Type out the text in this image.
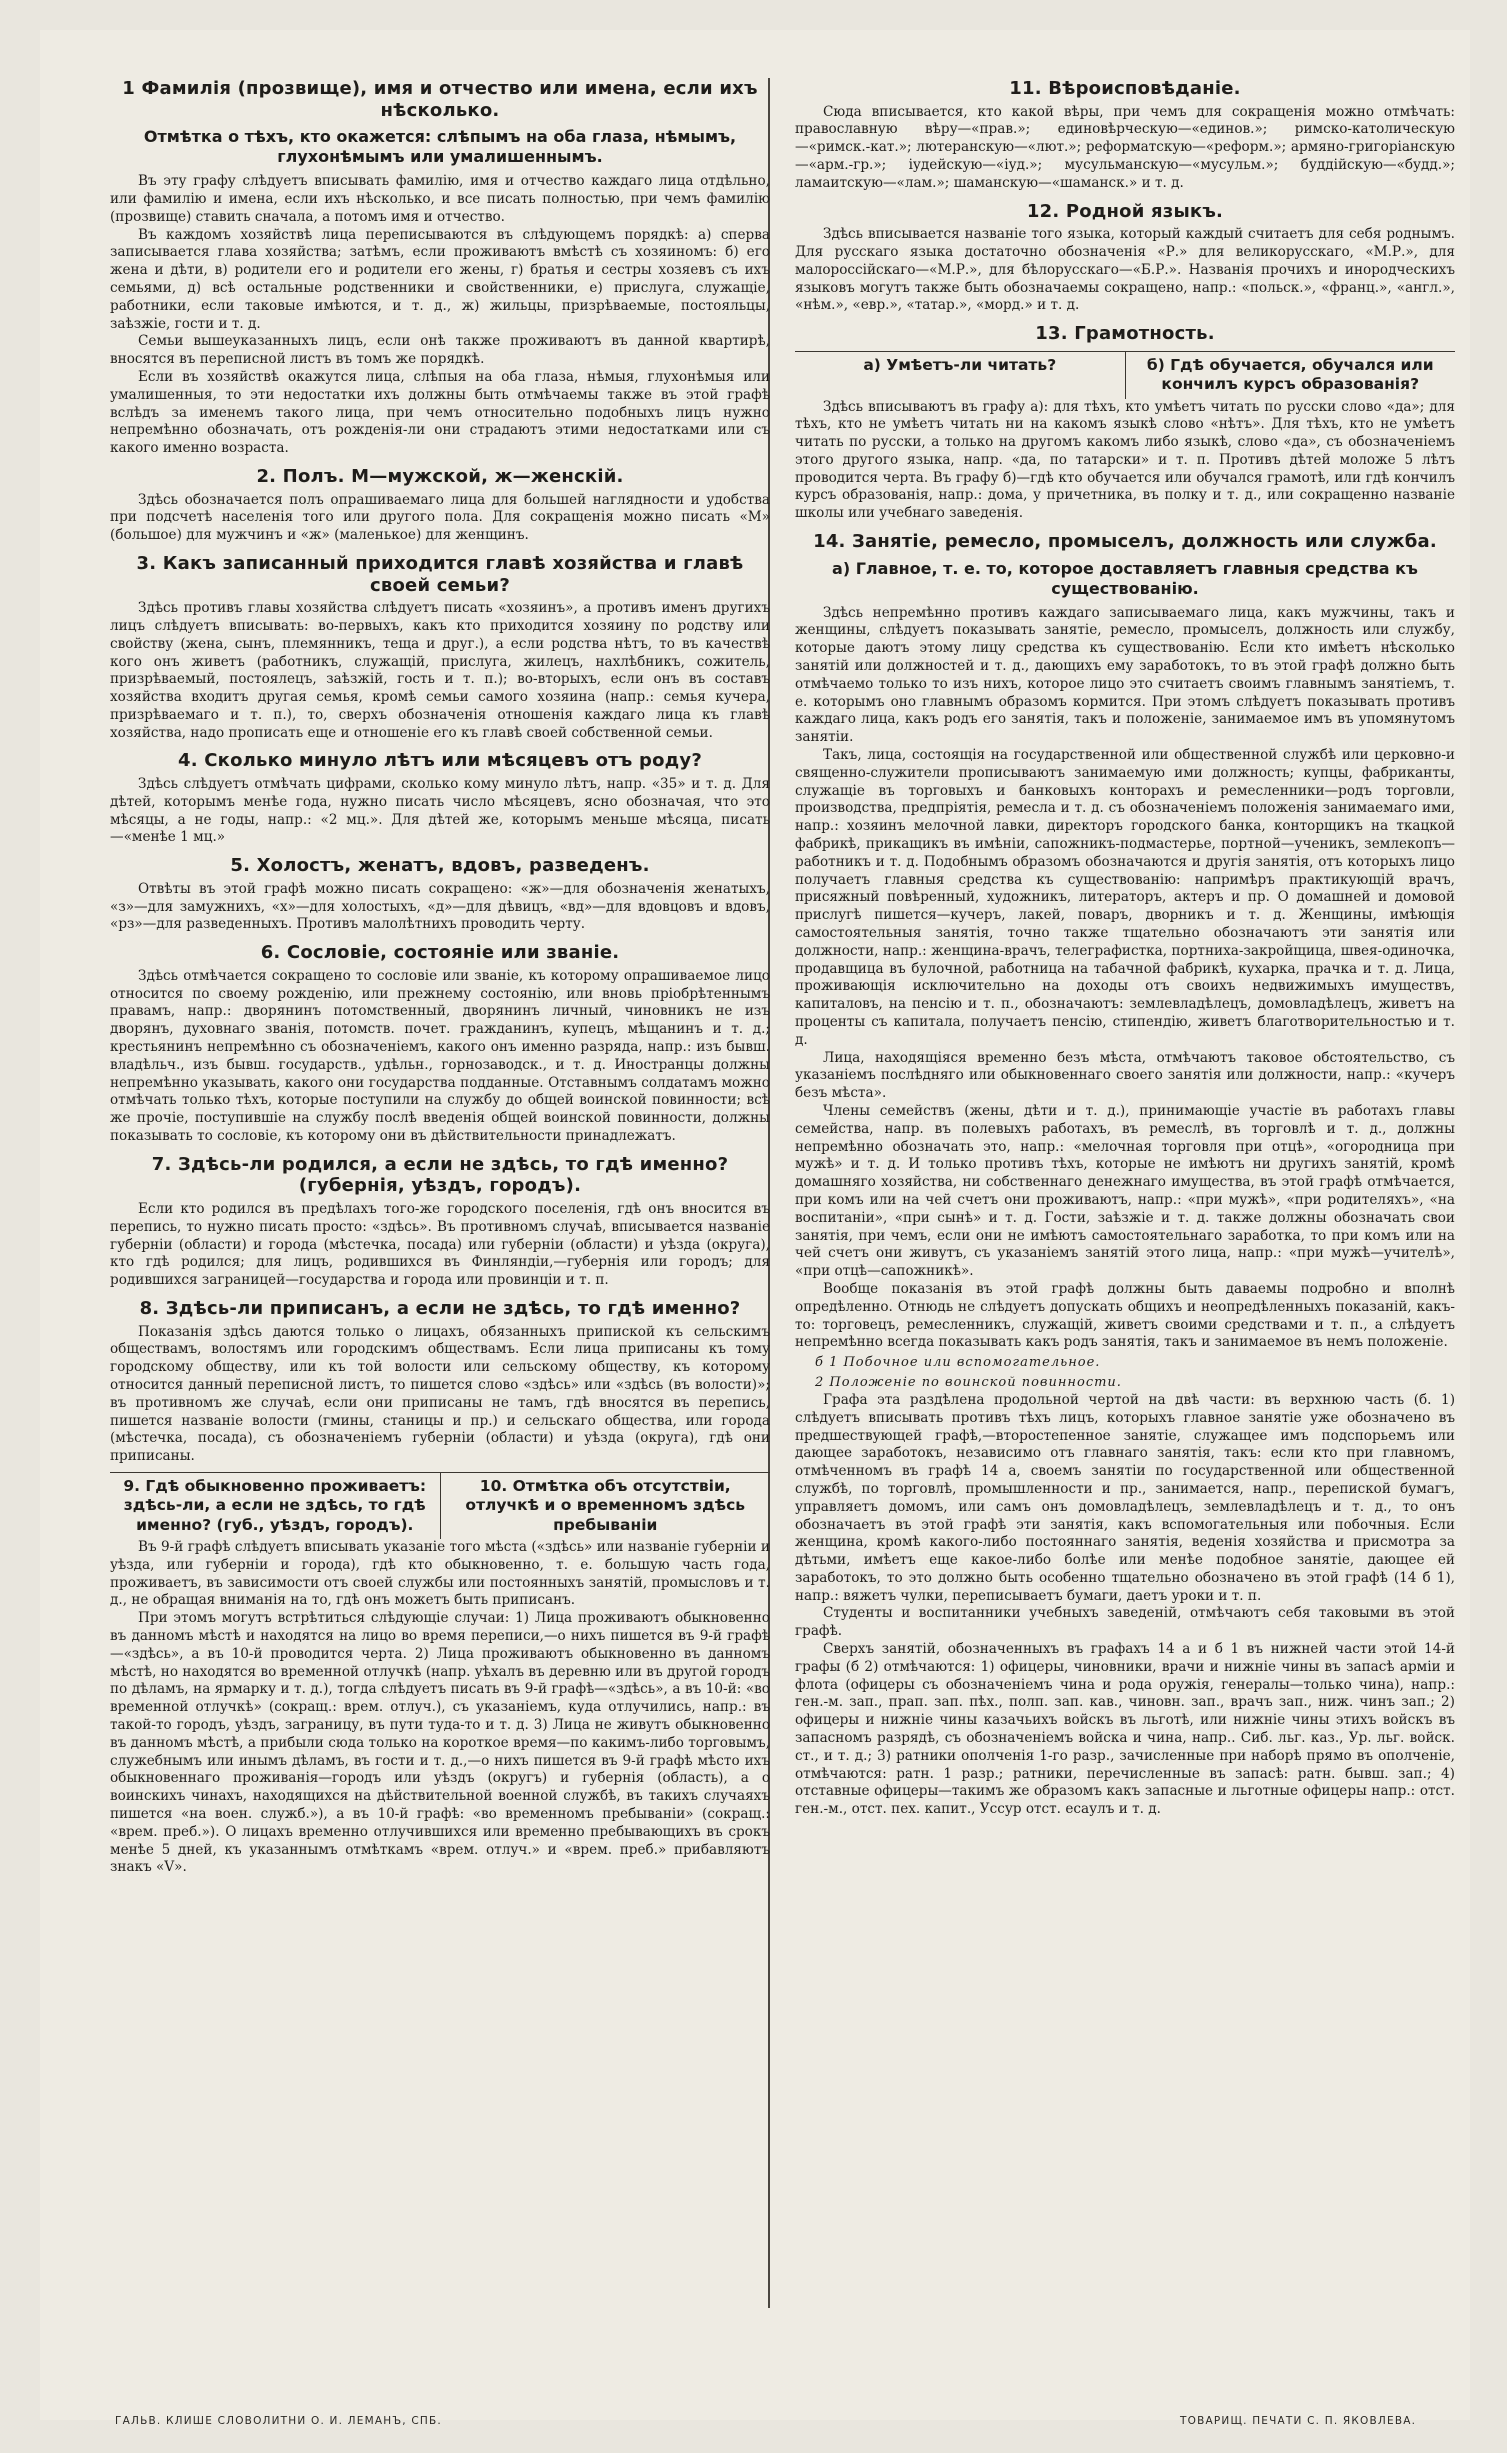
1 Фамилія (прозвище), имя и отчество или имена, если ихъ нѣсколько.
Отмѣтка о тѣхъ, кто окажется: слѣпымъ на оба глаза, нѣмымъ, глухонѣмымъ или умалишеннымъ.

Въ эту графу слѣдуетъ вписывать фамилію, имя и отчество каждаго лица отдѣльно, или фамилію и имена, если ихъ нѣсколько, и все писать полностью, при чемъ фамилію (прозвище) ставить сначала, а потомъ имя и отчество.

Въ каждомъ хозяйствѣ лица переписываются въ слѣдующемъ порядкѣ: а) сперва записывается глава хозяйства; затѣмъ, если проживаютъ вмѣстѣ съ хозяиномъ: б) его жена и дѣти, в) родители его и родители его жены, г) братья и сестры хозяевъ съ ихъ семьями, д) всѣ остальные родственники и свойственники, е) прислуга, служащіе, работники, если таковые имѣются, и т. д., ж) жильцы, призрѣваемые, постояльцы, заѣзжіе, гости и т. д.

Семьи вышеуказанныхъ лицъ, если онѣ также проживаютъ въ данной квартирѣ, вносятся въ переписной листъ въ томъ же порядкѣ.

Если въ хозяйствѣ окажутся лица, слѣпыя на оба глаза, нѣмыя, глухонѣмыя или умалишенныя, то эти недостатки ихъ должны быть отмѣчаемы также въ этой графѣ вслѣдъ за именемъ такого лица, при чемъ относительно подобныхъ лицъ нужно непремѣнно обозначать, отъ рожденія-ли они страдаютъ этими недостатками или съ какого именно возраста.

2. Полъ. М—мужской, ж—женскій.

Здѣсь обозначается полъ опрашиваемаго лица для большей наглядности и удобства при подсчетѣ населенія того или другого пола. Для сокращенія можно писать «М» (большое) для мужчинъ и «ж» (маленькое) для женщинъ.

3. Какъ записанный приходится главѣ хозяйства и главѣ своей семьи?

Здѣсь противъ главы хозяйства слѣдуетъ писать «хозяинъ», а противъ именъ другихъ лицъ слѣдуетъ вписывать: во-первыхъ, какъ кто приходится хозяину по родству или свойству (жена, сынъ, племянникъ, теща и друг.), а если родства нѣтъ, то въ качествѣ кого онъ живетъ (работникъ, служащій, прислуга, жилецъ, нахлѣбникъ, сожитель, призрѣваемый, постоялецъ, заѣзжій, гость и т. п.); во-вторыхъ, если онъ въ составъ хозяйства входитъ другая семья, кромѣ семьи самого хозяина (напр.: семья кучера, призрѣваемаго и т. п.), то, сверхъ обозначенія отношенія каждаго лица къ главѣ хозяйства, надо прописать еще и отношеніе его къ главѣ своей собственной семьи.

4. Сколько минуло лѣтъ или мѣсяцевъ отъ роду?

Здѣсь слѣдуетъ отмѣчать цифрами, сколько кому минуло лѣтъ, напр. «35» и т. д. Для дѣтей, которымъ менѣе года, нужно писать число мѣсяцевъ, ясно обозначая, что это мѣсяцы, а не годы, напр.: «2 мц.». Для дѣтей же, которымъ меньше мѣсяца, писать—«менѣе 1 мц.»

5. Холостъ, женатъ, вдовъ, разведенъ.

Отвѣты въ этой графѣ можно писать сокращено: «ж»—для обозначенія женатыхъ, «з»—для замужнихъ, «х»—для холостыхъ, «д»—для дѣвицъ, «вд»—для вдовцовъ и вдовъ, «рз»—для разведенныхъ. Противъ малолѣтнихъ проводить черту.

6. Сословіе, состояніе или званіе.

Здѣсь отмѣчается сокращено то сословіе или званіе, къ которому опрашиваемое лицо относится по своему рожденію, или прежнему состоянію, или вновь пріобрѣтеннымъ правамъ, напр.: дворянинъ потомственный, дворянинъ личный, чиновникъ не изъ дворянъ, духовнаго званія, потомств. почет. гражданинъ, купецъ, мѣщанинъ и т. д.; крестьянинъ непремѣнно съ обозначеніемъ, какого онъ именно разряда, напр.: изъ бывш. владѣльч., изъ бывш. государств., удѣльн., горнозаводск., и т. д. Иностранцы должны непремѣнно указывать, какого они государства подданные. Отставнымъ солдатамъ можно отмѣчать только тѣхъ, которые поступили на службу до общей воинской повинности; всѣ же прочіе, поступившіе на службу послѣ введенія общей воинской повинности, должны показывать то сословіе, къ которому они въ дѣйствительности принадлежатъ.

7. Здѣсь-ли родился, а если не здѣсь, то гдѣ именно? (губернія, уѣздъ, городъ).

Если кто родился въ предѣлахъ того-же городского поселенія, гдѣ онъ вносится въ перепись, то нужно писать просто: «здѣсь». Въ противномъ случаѣ, вписывается названіе губерніи (области) и города (мѣстечка, посада) или губерніи (области) и уѣзда (округа), кто гдѣ родился; для лицъ, родившихся въ Финляндіи,—губернія или городъ; для родившихся заграницей—государства и города или провинціи и т. п.

8. Здѣсь-ли приписанъ, а если не здѣсь, то гдѣ именно?

Показанія здѣсь даются только о лицахъ, обязанныхъ припиской къ сельскимъ обществамъ, волостямъ или городскимъ обществамъ. Если лица приписаны къ тому городскому обществу, или къ той волости или сельскому обществу, къ которому относится данный переписной листъ, то пишется слово «здѣсь» или «здѣсь (въ волости)»; въ противномъ же случаѣ, если они приписаны не тамъ, гдѣ вносятся въ перепись, пишется названіе волости (гмины, станицы и пр.) и сельскаго общества, или города (мѣстечка, посада), съ обозначеніемъ губерніи (области) и уѣзда (округа), гдѣ они приписаны.

9. Гдѣ обыкновенно проживаетъ: здѣсь-ли, а если не здѣсь, то гдѣ именно? (губ., уѣздъ, городъ).
10. Отмѣтка объ отсутствіи, отлучкѣ и о временномъ здѣсь пребываніи

Въ 9-й графѣ слѣдуетъ вписывать указаніе того мѣста («здѣсь» или названіе губерніи и уѣзда, или губерніи и города), гдѣ кто обыкновенно, т. е. большую часть года, проживаетъ, въ зависимости отъ своей службы или постоянныхъ занятій, промысловъ и т. д., не обращая вниманія на то, гдѣ онъ можетъ быть приписанъ.

При этомъ могутъ встрѣтиться слѣдующіе случаи: 1) Лица проживаютъ обыкновенно въ данномъ мѣстѣ и находятся на лицо во время переписи,—о нихъ пишется въ 9-й графѣ—«здѣсь», а въ 10-й проводится черта. 2) Лица проживаютъ обыкновенно въ данномъ мѣстѣ, но находятся во временной отлучкѣ (напр. уѣхалъ въ деревню или въ другой городъ по дѣламъ, на ярмарку и т. д.), тогда слѣдуетъ писать въ 9-й графѣ—«здѣсь», а въ 10-й: «во временной отлучкѣ» (сокращ.: врем. отлуч.), съ указаніемъ, куда отлучились, напр.: въ такой-то городъ, уѣздъ, заграницу, въ пути туда-то и т. д. 3) Лица не живутъ обыкновенно въ данномъ мѣстѣ, а прибыли сюда только на короткое время—по какимъ-либо торговымъ, служебнымъ или инымъ дѣламъ, въ гости и т. д.,—о нихъ пишется въ 9-й графѣ мѣсто ихъ обыкновеннаго проживанія—городъ или уѣздъ (округъ) и губернія (область), а о воинскихъ чинахъ, находящихся на дѣйствительной военной службѣ, въ такихъ случаяхъ пишется «на воен. служб.»), а въ 10-й графѣ: «во временномъ пребываніи» (сокращ.: «врем. преб.»). О лицахъ временно отлучившихся или временно пребывающихъ въ срокъ менѣе 5 дней, къ указаннымъ отмѣткамъ «врем. отлуч.» и «врем. преб.» прибавляютъ знакъ «V».

11. Вѣроисповѣданіе.

Сюда вписывается, кто какой вѣры, при чемъ для сокращенія можно отмѣчать: православную вѣру—«прав.»; единовѣрческую—«единов.»; римско-католическую—«римск.-кат.»; лютеранскую—«лют.»; реформатскую—«реформ.»; армяно-григоріанскую—«арм.-гр.»; іудейскую—«іуд.»; мусульманскую—«мусульм.»; буддійскую—«будд.»; ламаитскую—«лам.»; шаманскую—«шаманск.» и т. д.

12. Родной языкъ.

Здѣсь вписывается названіе того языка, который каждый считаетъ для себя роднымъ. Для русскаго языка достаточно обозначенія «Р.» для великорусскаго, «М.Р.», для малороссійскаго—«М.Р.», для бѣлорусскаго—«Б.Р.». Названія прочихъ и инородческихъ языковъ могутъ также быть обозначаемы сокращено, напр.: «польск.», «франц.», «англ.», «нѣм.», «евр.», «татар.», «морд.» и т. д.

13. Грамотность.
а) Умѣетъ-ли читать?	б) Гдѣ обучается, обучался или кончилъ курсъ образованія?

Здѣсь вписываютъ въ графу а): для тѣхъ, кто умѣетъ читать по русски слово «да»; для тѣхъ, кто не умѣетъ читать ни на какомъ языкѣ слово «нѣтъ». Для тѣхъ, кто не умѣетъ читать по русски, а только на другомъ какомъ либо языкѣ, слово «да», съ обозначеніемъ этого другого языка, напр. «да, по татарски» и т. п. Противъ дѣтей моложе 5 лѣтъ проводится черта. Въ графу б)—гдѣ кто обучается или обучался грамотѣ, или гдѣ кончилъ курсъ образованія, напр.: дома, у причетника, въ полку и т. д., или сокращенно названіе школы или учебнаго заведенія.

14. Занятіе, ремесло, промыселъ, должность или служба.
а) Главное, т. е. то, которое доставляетъ главныя средства къ существованію.

Здѣсь непремѣнно противъ каждаго записываемаго лица, какъ мужчины, такъ и женщины, слѣдуетъ показывать занятіе, ремесло, промыселъ, должность или службу, которые даютъ этому лицу средства къ существованію. Если кто имѣетъ нѣсколько занятій или должностей и т. д., дающихъ ему заработокъ, то въ этой графѣ должно быть отмѣчаемо только то изъ нихъ, которое лицо это считаетъ своимъ главнымъ занятіемъ, т. е. которымъ оно главнымъ образомъ кормится. При этомъ слѣдуетъ показывать противъ каждаго лица, какъ родъ его занятія, такъ и положеніе, занимаемое имъ въ упомянутомъ занятіи.

Такъ, лица, состоящія на государственной или общественной службѣ или церковно-и священно-служители прописываютъ занимаемую ими должность; купцы, фабриканты, служащіе въ торговыхъ и банковыхъ конторахъ и ремесленники—родъ торговли, производства, предпріятія, ремесла и т. д. съ обозначеніемъ положенія занимаемаго ими, напр.: хозяинъ мелочной лавки, директоръ городского банка, конторщикъ на ткацкой фабрикѣ, прикащикъ въ имѣніи, сапожникъ-подмастерье, портной—ученикъ, землекопъ—работникъ и т. д. Подобнымъ образомъ обозначаются и другія занятія, отъ которыхъ лицо получаетъ главныя средства къ существованію: напримѣръ практикующій врачъ, присяжный повѣренный, художникъ, литераторъ, актеръ и пр. О домашней и домовой прислугѣ пишется—кучеръ, лакей, поваръ, дворникъ и т. д. Женщины, имѣющія самостоятельныя занятія, точно также тщательно обозначаютъ эти занятія или должности, напр.: женщина-врачъ, телеграфистка, портниха-закройщица, швея-одиночка, продавщица въ булочной, работница на табачной фабрикѣ, кухарка, прачка и т. д. Лица, проживающія исключительно на доходы отъ своихъ недвижимыхъ имуществъ, капиталовъ, на пенсію и т. п., обозначаютъ: землевладѣлецъ, домовладѣлецъ, живетъ на проценты съ капитала, получаетъ пенсію, стипендію, живетъ благотворительностью и т. д.

Лица, находящіяся временно безъ мѣста, отмѣчаютъ таковое обстоятельство, съ указаніемъ послѣдняго или обыкновеннаго своего занятія или должности, напр.: «кучеръ безъ мѣста».

Члены семействъ (жены, дѣти и т. д.), принимающіе участіе въ работахъ главы семейства, напр. въ полевыхъ работахъ, въ ремеслѣ, въ торговлѣ и т. д., должны непремѣнно обозначать это, напр.: «мелочная торговля при отцѣ», «огородница при мужѣ» и т. д. И только противъ тѣхъ, которые не имѣютъ ни другихъ занятій, кромѣ домашняго хозяйства, ни собственнаго денежнаго имущества, въ этой графѣ отмѣчается, при комъ или на чей счетъ они проживаютъ, напр.: «при мужѣ», «при родителяхъ», «на воспитаніи», «при сынѣ» и т. д. Гости, заѣзжіе и т. д. также должны обозначать свои занятія, при чемъ, если они не имѣютъ самостоятельнаго заработка, то при комъ или на чей счетъ они живутъ, съ указаніемъ занятій этого лица, напр.: «при мужѣ—учителѣ», «при отцѣ—сапожникѣ».

Вообще показанія въ этой графѣ должны быть даваемы подробно и вполнѣ опредѣленно. Отнюдь не слѣдуетъ допускать общихъ и неопредѣленныхъ показаній, какъ-то: торговецъ, ремесленникъ, служащій, живетъ своими средствами и т. п., а слѣдуетъ непремѣнно всегда показывать какъ родъ занятія, такъ и занимаемое въ немъ положеніе.

б 1 Побочное или вспомогательное.
2 Положеніе по воинской повинности.

Графа эта раздѣлена продольной чертой на двѣ части: въ верхнюю часть (б. 1) слѣдуетъ вписывать противъ тѣхъ лицъ, которыхъ главное занятіе уже обозначено въ предшествующей графѣ,—второстепенное занятіе, служащее имъ подспорьемъ или дающее заработокъ, независимо отъ главнаго занятія, такъ: если кто при главномъ, отмѣченномъ въ графѣ 14 а, своемъ занятіи по государственной или общественной службѣ, по торговлѣ, промышленности и пр., занимается, напр., перепиской бумагъ, управляетъ домомъ, или самъ онъ домовладѣлецъ, землевладѣлецъ и т. д., то онъ обозначаетъ въ этой графѣ эти занятія, какъ вспомогательныя или побочныя. Если женщина, кромѣ какого-либо постояннаго занятія, веденія хозяйства и присмотра за дѣтьми, имѣетъ еще какое-либо болѣе или менѣе подобное занятіе, дающее ей заработокъ, то это должно быть особенно тщательно обозначено въ этой графѣ (14 б 1), напр.: вяжетъ чулки, переписываетъ бумаги, даетъ уроки и т. п.

Студенты и воспитанники учебныхъ заведеній, отмѣчаютъ себя таковыми въ этой графѣ.

Сверхъ занятій, обозначенныхъ въ графахъ 14 а и б 1 въ нижней части этой 14-й графы (б 2) отмѣчаются: 1) офицеры, чиновники, врачи и нижніе чины въ запасѣ арміи и флота (офицеры съ обозначеніемъ чина и рода оружія, генералы—только чина), напр.: ген.-м. зап., прап. зап. пѣх., полп. зап. кав., чиновн. зап., врачъ зап., ниж. чинъ зап.; 2) офицеры и нижніе чины казачьихъ войскъ въ льготѣ, или нижніе чины этихъ войскъ въ запасномъ разрядѣ, съ обозначеніемъ войска и чина, напр.. Сиб. льг. каз., Ур. льг. войск. ст., и т. д.; 3) ратники ополченія 1-го разр., зачисленные при наборѣ прямо въ ополченіе, отмѣчаются: ратн. 1 разр.; ратники, перечисленные въ запасѣ: ратн. бывш. зап.; 4) отставные офицеры—такимъ же образомъ какъ запасные и льготные офицеры напр.: отст. ген.-м., отст. пех. капит., Уссур отст. есаулъ и т. д.

ГАЛЬВ. КЛИШЕ СЛОВОЛИТНИ О. И. ЛЕМАНЪ, СПБ.	ТОВАРИЩ. ПЕЧАТИ С. П. ЯКОВЛЕВА.
